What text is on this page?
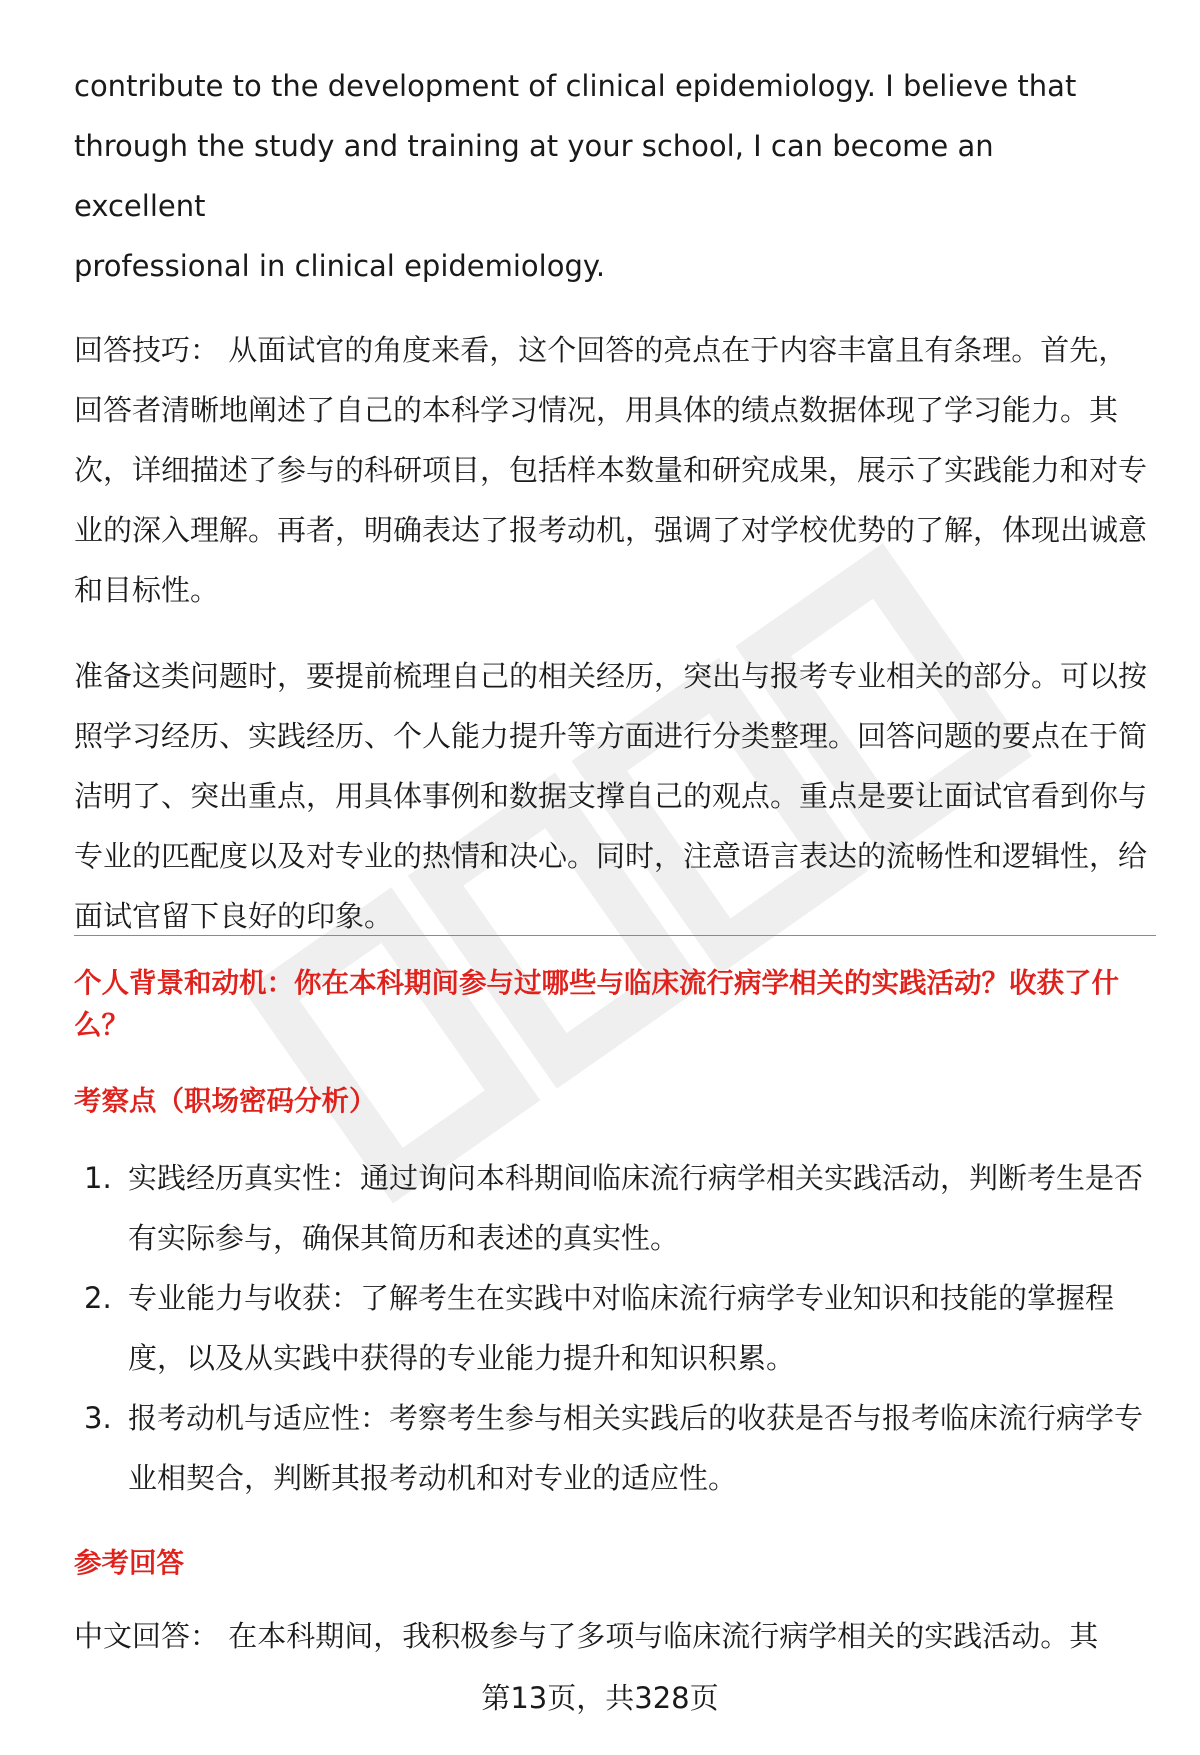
contribute to the development of clinical epidemiology. I believe that
through the study and training at your school, I can become an excellent
professional in clinical epidemiology.

回答技巧： 从面试官的角度来看，这个回答的亮点在于内容丰富且有条理。首先，回答者清晰地阐述了自己的本科学习情况，用具体的绩点数据体现了学习能力。其次，详细描述了参与的科研项目，包括样本数量和研究成果，展示了实践能力和对专业的深入理解。再者，明确表达了报考动机，强调了对学校优势的了解，体现出诚意和目标性。

准备这类问题时，要提前梳理自己的相关经历，突出与报考专业相关的部分。可以按照学习经历、实践经历、个人能力提升等方面进行分类整理。回答问题的要点在于简洁明了、突出重点，用具体事例和数据支撑自己的观点。重点是要让面试官看到你与专业的匹配度以及对专业的热情和决心。同时，注意语言表达的流畅性和逻辑性，给面试官留下良好的印象。

个人背景和动机：你在本科期间参与过哪些与临床流行病学相关的实践活动？收获了什么？

考察点（职场密码分析）

1. 实践经历真实性：通过询问本科期间临床流行病学相关实践活动，判断考生是否有实际参与，确保其简历和表述的真实性。
2. 专业能力与收获：了解考生在实践中对临床流行病学专业知识和技能的掌握程度，以及从实践中获得的专业能力提升和知识积累。
3. 报考动机与适应性：考察考生参与相关实践后的收获是否与报考临床流行病学专业相契合，判断其报考动机和对专业的适应性。

参考回答

中文回答： 在本科期间，我积极参与了多项与临床流行病学相关的实践活动。其

第13页，共328页
